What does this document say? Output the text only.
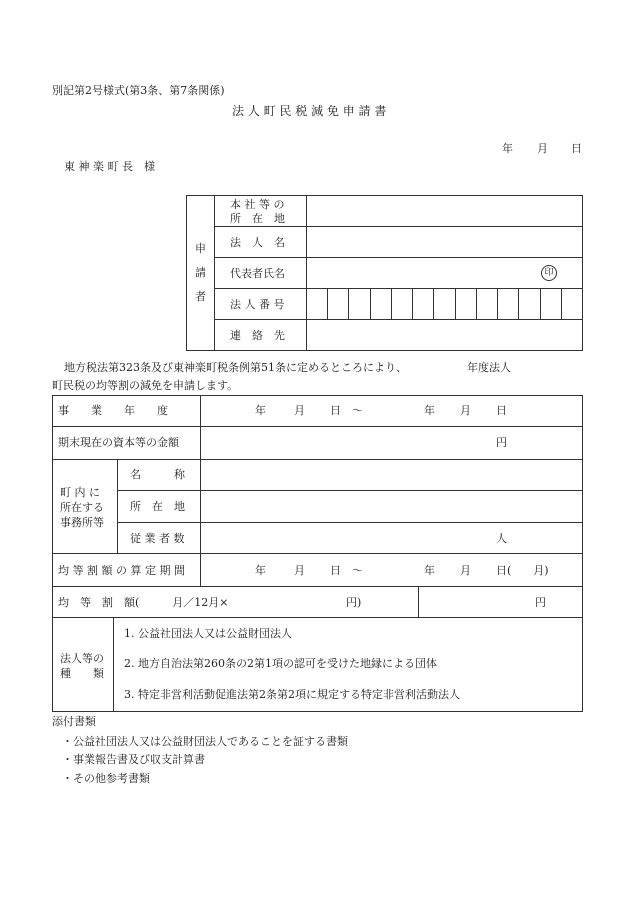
別記第2号様式(第3条、第7条関係)
法 人 町 民 税 減 免 申 請 書
年 月 日
東 神 楽 町 長　様
申
請
者
本 社 等 の
所　在　地
法　人　名
代表者氏名	印
法 人 番 号
連　絡　先
地方税法第323条及び東神楽町税条例第51条に定めるところにより、	年度法人
町民税の均等割の減免を申請します。
事　　業　　年　　度	年	月 日 ～	年 月 日
期末現在の資本等の金額	円
町 内 に
所在する
事務所等
名　　　称
所　在　地
従 業 者 数	人
均 等 割 額 の 算 定 期 間	年	月 日 ～	年 月 日(　　月)
均　等　割　額(　　　月／12月×	円)	円
法人等の
種　　類
1. 公益社団法人又は公益財団法人
2. 地方自治法第260条の2第1項の認可を受けた地縁による団体
3. 特定非営利活動促進法第2条第2項に規定する特定非営利活動法人
添付書類
・公益社団法人又は公益財団法人であることを証する書類
・事業報告書及び収支計算書
・その他参考書類
